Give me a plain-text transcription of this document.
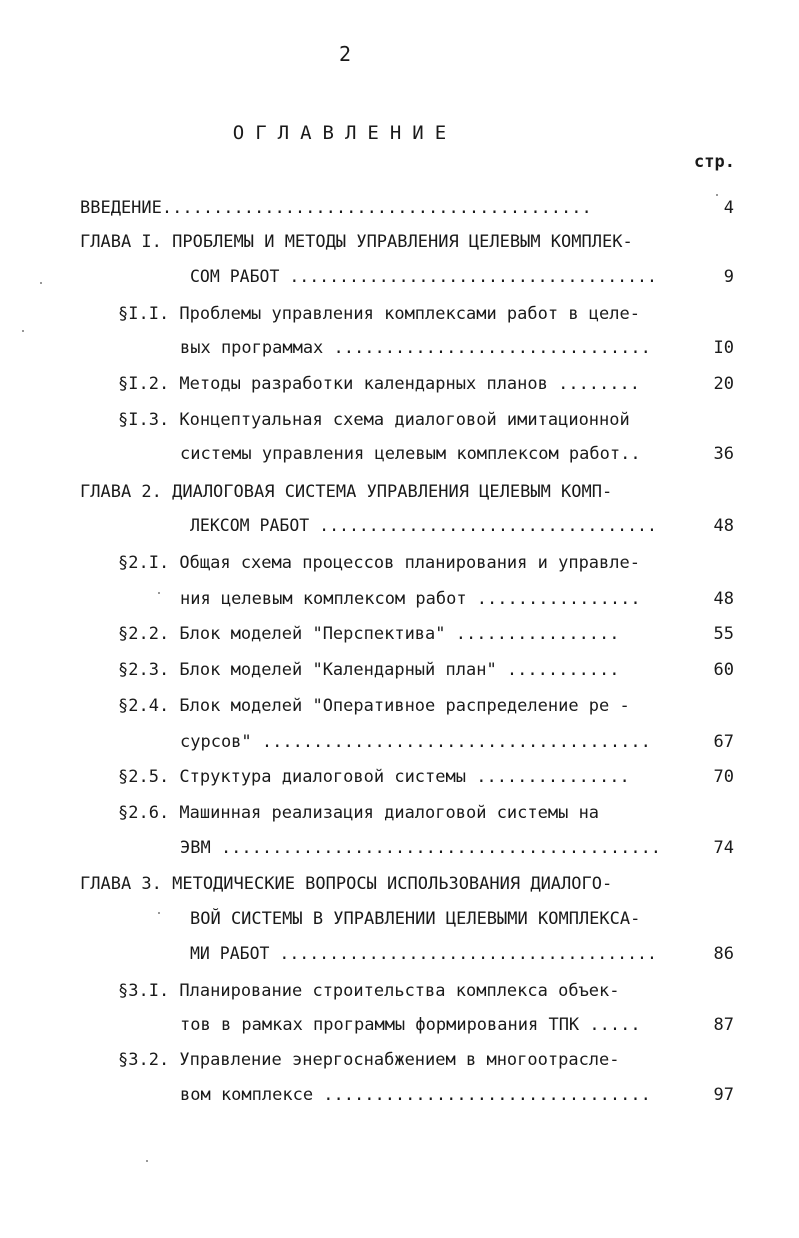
2
ОГЛАВЛЕНИЕ
стр.
ВВЕДЕНИЕ..........................................	4
ГЛАВА I. ПРОБЛЕМЫ И МЕТОДЫ УПРАВЛЕНИЯ ЦЕЛЕВЫМ КОМПЛЕК-
СОМ РАБОТ .....................................	9
§I.I. Проблемы управления комплексами работ в целе-
вых программах ...............................	I0
§I.2. Методы разработки календарных планов ........	20
§I.3. Концептуальная схема диалоговой имитационной
системы управления целевым комплексом работ..	36
ГЛАВА 2. ДИАЛОГОВАЯ СИСТЕМА УПРАВЛЕНИЯ ЦЕЛЕВЫМ КОМП-
ЛЕКСОМ РАБОТ ..................................	48
§2.I. Общая схема процессов планирования и управле-
ния целевым комплексом работ ................	48
§2.2. Блок моделей "Перспектива" ................	55
§2.3. Блок моделей "Календарный план" ...........	60
§2.4. Блок моделей "Оперативное распределение ре -
сурсов" ......................................	67
§2.5. Структура диалоговой системы ...............	70
§2.6. Машинная реализация диалоговой системы на
ЭВМ ...........................................	74
ГЛАВА 3. МЕТОДИЧЕСКИЕ ВОПРОСЫ ИСПОЛЬЗОВАНИЯ ДИАЛОГО-
ВОЙ СИСТЕМЫ В УПРАВЛЕНИИ ЦЕЛЕВЫМИ КОМПЛЕКСА-
МИ РАБОТ ......................................	86
§3.I. Планирование строительства комплекса объек-
тов в рамках программы формирования ТПК .....	87
§3.2. Управление энергоснабжением в многоотрасле-
вом комплексе ................................	97
